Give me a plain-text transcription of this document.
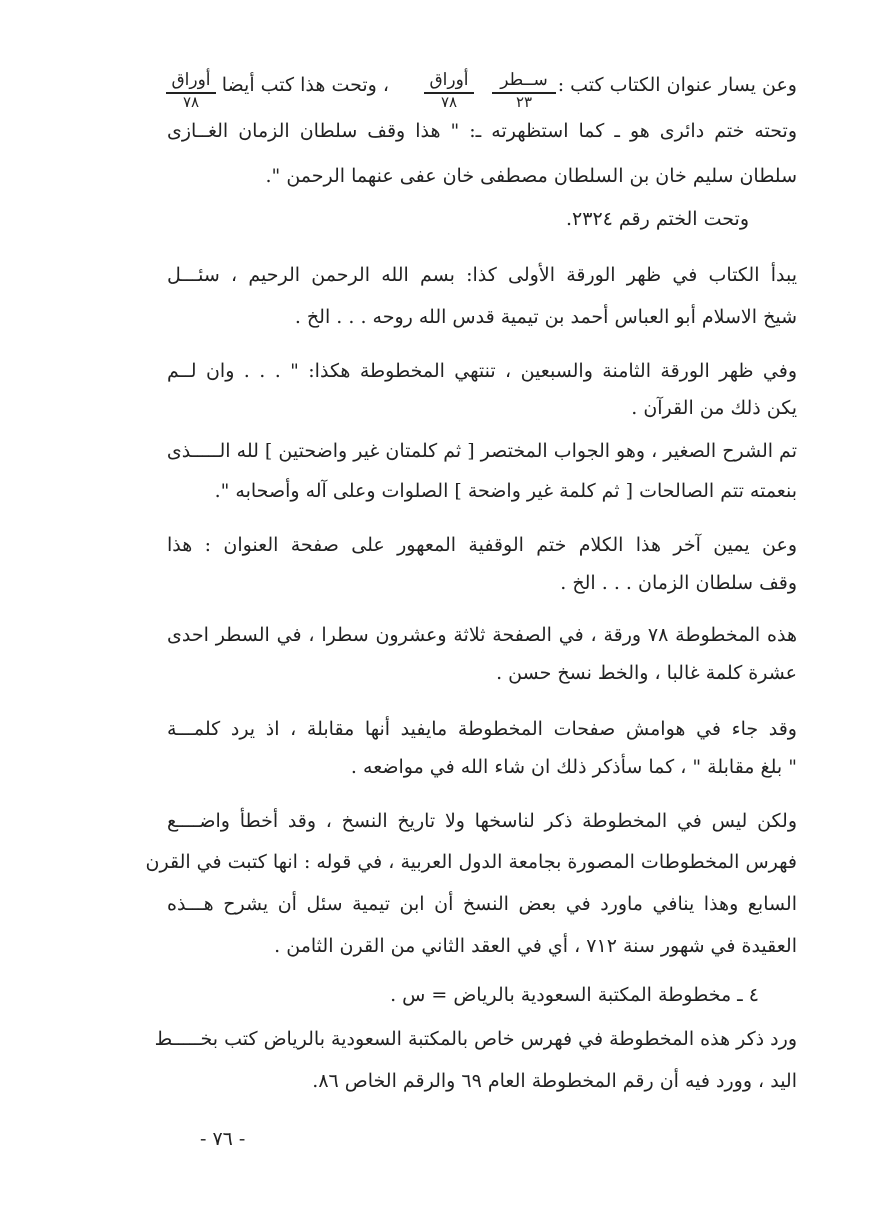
وعن يسار عنوان الكتاب كتب :
ســطر
٢٣
أوراق
٧٨
، وتحت هذا كتب أيضا
أوراق
٧٨
وتحته ختم دائرى هو ـ كما استظهرته ـ: " هذا وقف سلطان الزمان الغــازى
سلطان سليم خان بن السلطان مصطفى خان عفى عنهما الرحمن ".
وتحت الختم رقم ٢٣٢٤.
يبدأ الكتاب في ظهر الورقة الأولى كذا: بسم الله الرحمن الرحيم ، سئـــل
شيخ الاسلام أبو العباس أحمد بن تيمية قدس الله روحه . . . الخ .
وفي ظهر الورقة الثامنة والسبعين ، تنتهي المخطوطة هكذا: " . . . وان لــم
يكن ذلك من القرآن .
تم الشرح الصغير ، وهو الجواب المختصر [ ثم كلمتان غير واضحتين ] لله الـــــذى
بنعمته تتم الصالحات [ ثم كلمة غير واضحة ] الصلوات وعلى آله وأصحابه ".
وعن يمين آخر هذا الكلام ختم الوقفية المعهور على صفحة العنوان : هذا
وقف سلطان الزمان . . . الخ .
هذه المخطوطة ٧٨ ورقة ، في الصفحة ثلاثة وعشرون سطرا ، في السطر احدى
عشرة كلمة غالبا ، والخط نسخ حسن .
وقد جاء في هوامش صفحات المخطوطة مايفيد أنها مقابلة ، اذ يرد كلمـــة
" بلغ مقابلة " ، كما سأذكر ذلك ان شاء الله في مواضعه .
ولكن ليس في المخطوطة ذكر لناسخها ولا تاريخ النسخ ، وقد أخطأ واضــــع
فهرس المخطوطات المصورة بجامعة الدول العربية ، في قوله : انها كتبت في القرن
السابع وهذا ينافي ماورد في بعض النسخ أن ابن تيمية سئل أن يشرح هـــذه
العقيدة في شهور سنة ٧١٢ ، أي في العقد الثاني من القرن الثامن .
٤ ـ مخطوطة المكتبة السعودية بالرياض = س .
ورد ذكر هذه المخطوطة في فهرس خاص بالمكتبة السعودية بالرياض كتب بخـــــط
اليد ، وورد فيه أن رقم المخطوطة العام ٦٩ والرقم الخاص ٨٦.
- ٧٦ -
